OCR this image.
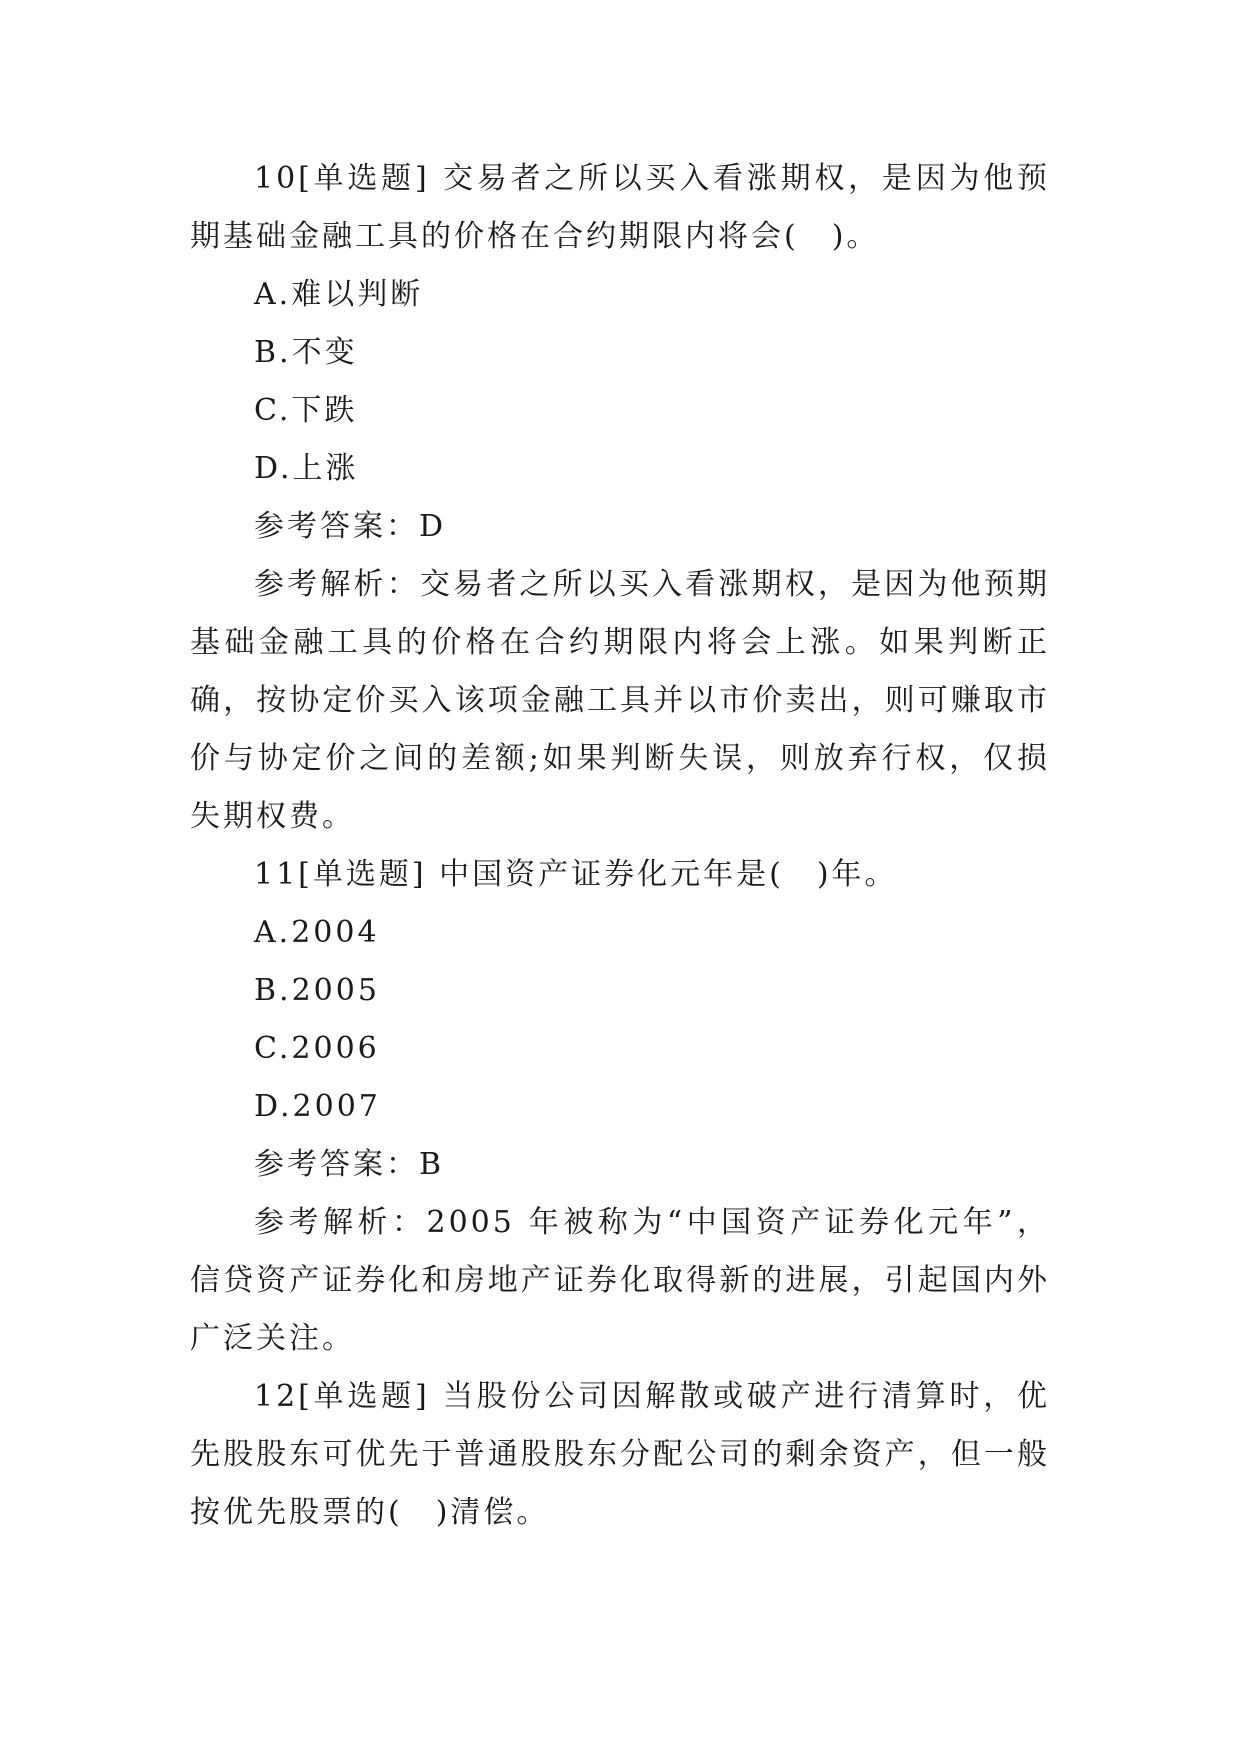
10[单选题] 交易者之所以买入看涨期权，是因为他预期基础金融工具的价格在合约期限内将会(　)。

A.难以判断

B.不变

C.下跌

D.上涨

参考答案：D

参考解析：交易者之所以买入看涨期权，是因为他预期基础金融工具的价格在合约期限内将会上涨。如果判断正确，按协定价买入该项金融工具并以市价卖出，则可赚取市价与协定价之间的差额;如果判断失误，则放弃行权，仅损失期权费。

11[单选题] 中国资产证券化元年是(　)年。

A.2004

B.2005

C.2006

D.2007

参考答案：B

参考解析：2005 年被称为“中国资产证券化元年”，信贷资产证券化和房地产证券化取得新的进展，引起国内外广泛关注。

12[单选题] 当股份公司因解散或破产进行清算时，优先股股东可优先于普通股股东分配公司的剩余资产，但一般按优先股票的(　)清偿。
